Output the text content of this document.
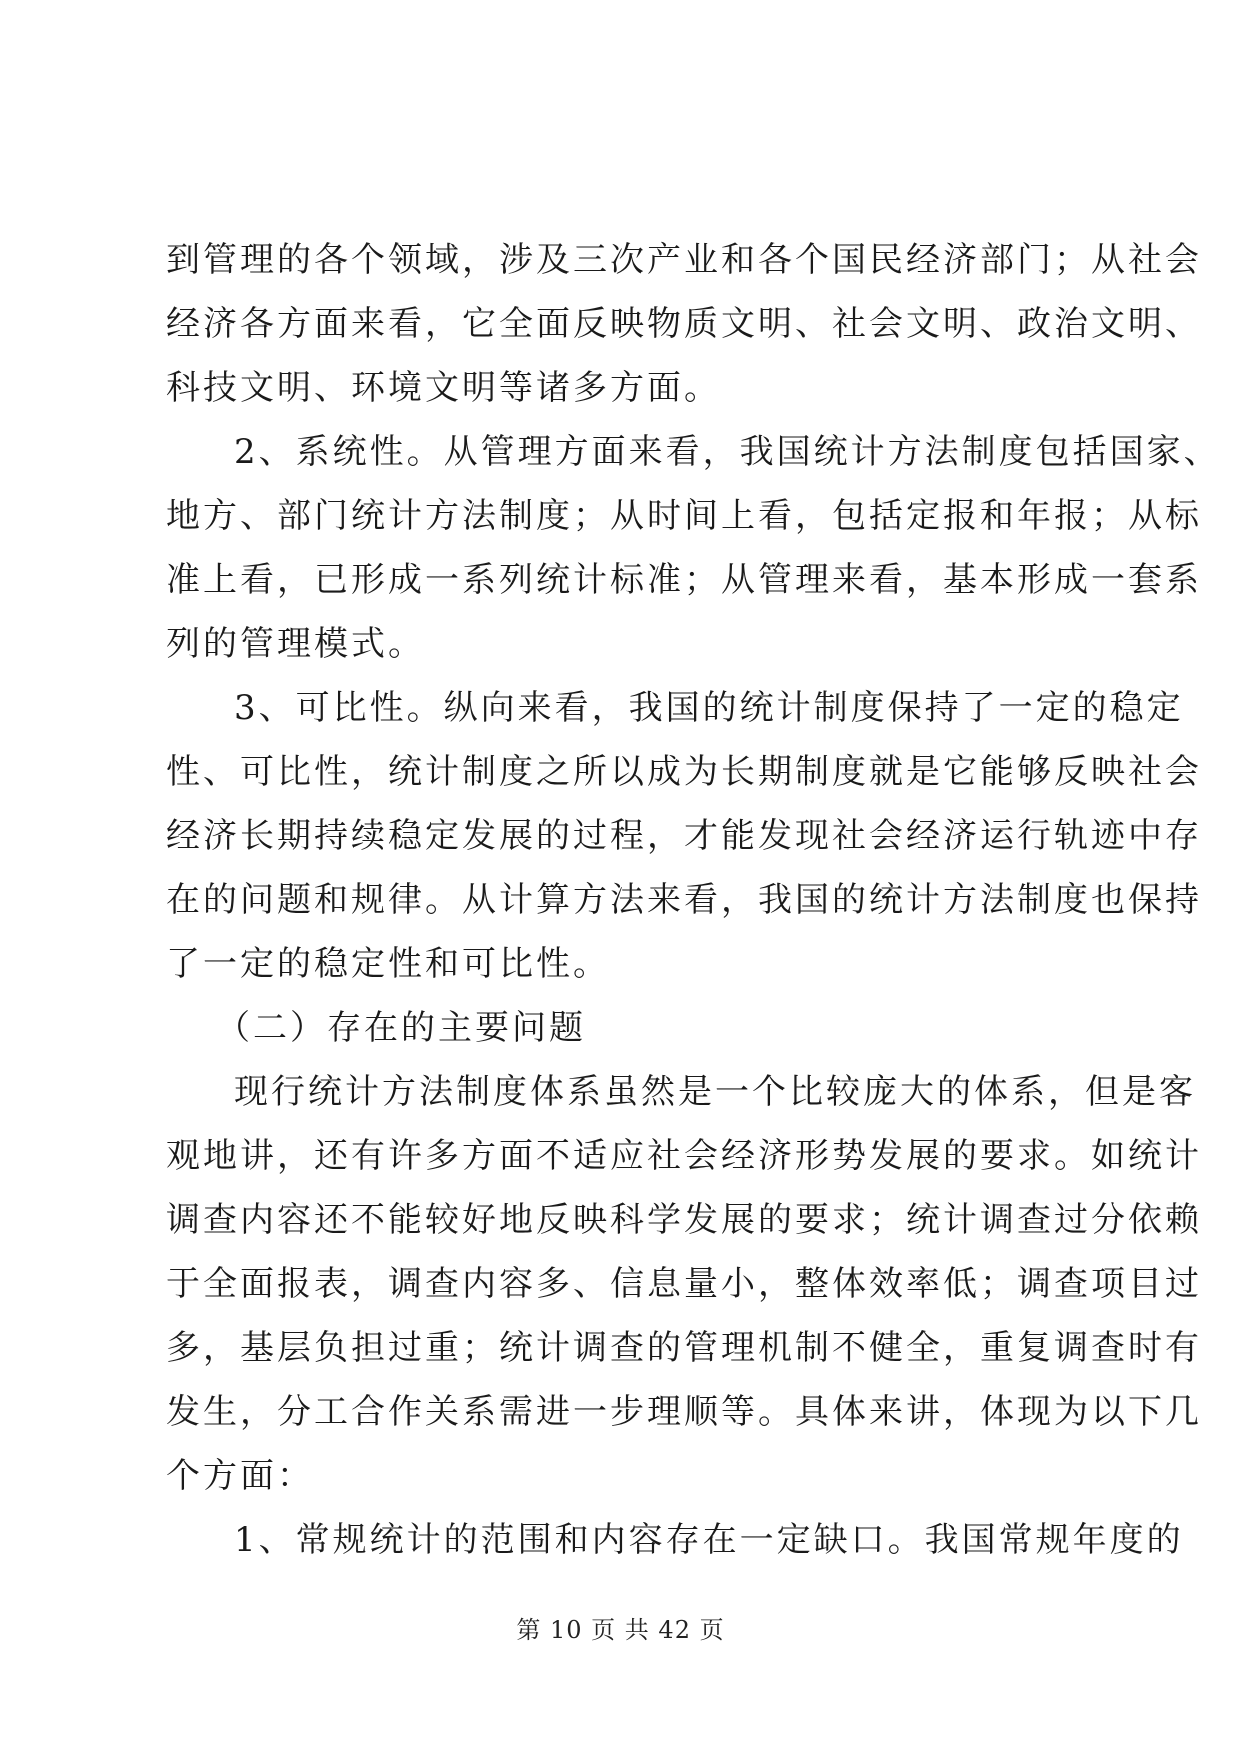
到管理的各个领域，涉及三次产业和各个国民经济部门；从社会
经济各方面来看，它全面反映物质文明、社会文明、政治文明、
科技文明、环境文明等诸多方面。
2、系统性。从管理方面来看，我国统计方法制度包括国家、
地方、部门统计方法制度；从时间上看，包括定报和年报；从标
准上看，已形成一系列统计标准；从管理来看，基本形成一套系
列的管理模式。
3、可比性。纵向来看，我国的统计制度保持了一定的稳定
性、可比性，统计制度之所以成为长期制度就是它能够反映社会
经济长期持续稳定发展的过程，才能发现社会经济运行轨迹中存
在的问题和规律。从计算方法来看，我国的统计方法制度也保持
了一定的稳定性和可比性。
（二）存在的主要问题
现行统计方法制度体系虽然是一个比较庞大的体系，但是客
观地讲，还有许多方面不适应社会经济形势发展的要求。如统计
调查内容还不能较好地反映科学发展的要求；统计调查过分依赖
于全面报表，调查内容多、信息量小，整体效率低；调查项目过
多，基层负担过重；统计调查的管理机制不健全，重复调查时有
发生，分工合作关系需进一步理顺等。具体来讲，体现为以下几
个方面：
1、常规统计的范围和内容存在一定缺口。我国常规年度的
第 10 页 共 42 页
